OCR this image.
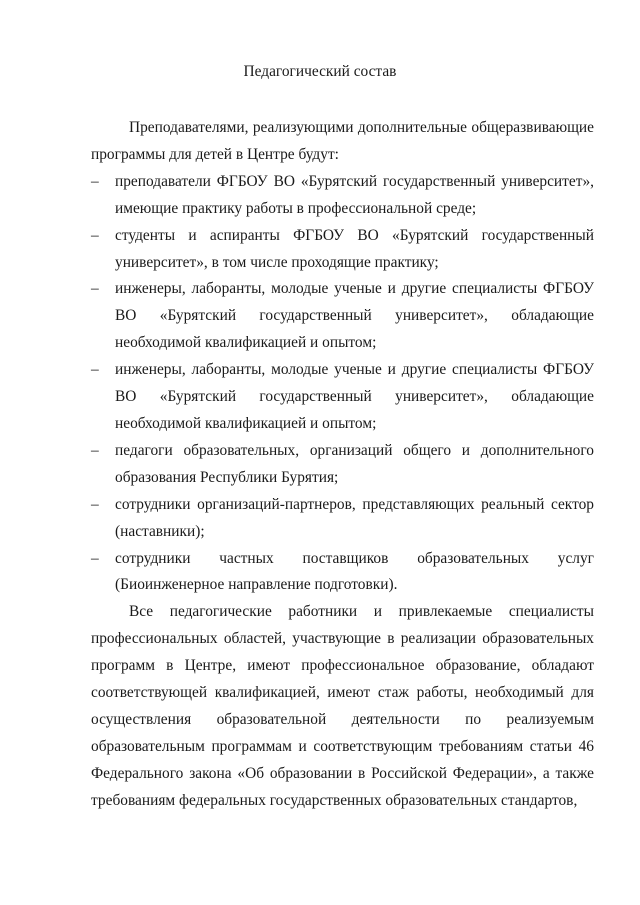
Педагогический состав

Преподавателями, реализующими дополнительные общеразвивающие программы для детей в Центре будут:

– преподаватели ФГБОУ ВО «Бурятский государственный университет», имеющие практику работы в профессиональной среде;
– студенты и аспиранты ФГБОУ ВО «Бурятский государственный университет», в том числе проходящие практику;
– инженеры, лаборанты, молодые ученые и другие специалисты ФГБОУ ВО «Бурятский государственный университет», обладающие необходимой квалификацией и опытом;
– инженеры, лаборанты, молодые ученые и другие специалисты ФГБОУ ВО «Бурятский государственный университет», обладающие необходимой квалификацией и опытом;
– педагоги образовательных, организаций общего и дополнительного образования Республики Бурятия;
– сотрудники организаций-партнеров, представляющих реальный сектор (наставники);
– сотрудники частных поставщиков образовательных услуг (Биоинженерное направление подготовки).

Все педагогические работники и привлекаемые специалисты профессиональных областей, участвующие в реализации образовательных программ в Центре, имеют профессиональное образование, обладают соответствующей квалификацией, имеют стаж работы, необходимый для осуществления образовательной деятельности по реализуемым образовательным программам и соответствующим требованиям статьи 46 Федерального закона «Об образовании в Российской Федерации», а также требованиям федеральных государственных образовательных стандартов,
